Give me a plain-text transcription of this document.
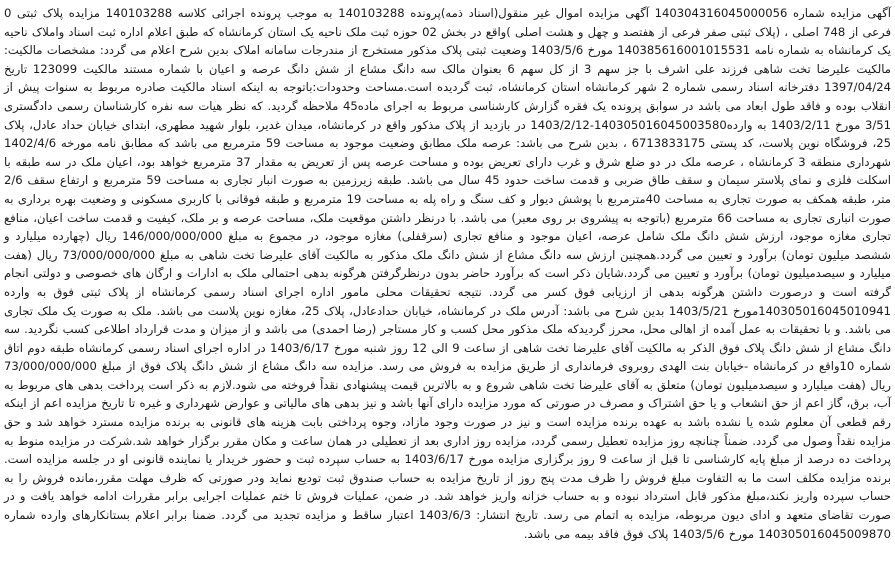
آگهی مزایده شماره 140304316045000056 آگهی مزایده اموال غیر منقول(اسناد ذمه)پرونده 140103288 به موجب پرونده اجرائی کلاسه 140103288 مزایده پلاک ثبتی 0 فرعی از 748 اصلی ، (پلاک ثبتی صفر فرعی از هفتصد و چهل و هشت اصلی )واقع در بخش 02 حوزه ثبت ملک ناحیه یک استان کرمانشاه که طبق اعلام اداره ثبت اسناد واملاک ناحیه یک کرمانشاه به شماره نامه 140385616001015531 مورخ 1403/5/6 وضعیت ثبتی پلاک مذکور مستخرج از مندرجات سامانه املاک بدین شرح اعلام می گردد: مشخصات مالکیت: مالکیت علیرضا تخت شاهی فرزند علی اشرف با جز سهم 3 از کل سهم 6 بعنوان مالک سه دانگ مشاع از شش دانگ عرصه و اعیان با شماره مستند مالکیت 123099 تاریخ 1397/04/24 دفترخانه اسناد رسمی شماره 2 شهر کرمانشاه استان کرمانشاه، ثبت گردیده است.مساحت وحدودات:باتوجه به اینکه اسناد مالکیت صادره مربوط به سنوات پیش از انقلاب بوده و فاقد طول ابعاد می باشد در سوابق پرونده یک فقره گزارش کارشناسی مربوط به اجرای ماده45 ملاحظه گردید. که نظر هیات سه نفره کارشناسان رسمی دادگستری 3/51 مورخ 1403/2/11 به وارده140305016045003580-1403/2/12 در بازدید از پلاک مذکور واقع در کرمانشاه، میدان غدیر، بلوار شهید مطهری، ابتدای خیابان حداد عادل، پلاک 25، فروشگاه نوین پلاست، کد پستی 6713833175 ، بدین شرح می باشد: عرصه ملک مطابق وضعیت موجود به مساحت 59 مترمربع می باشد که مطابق نامه مورخه 1402/4/6 شهرداری منطقه 3 کرمانشاه ، عرصه ملک در دو ضلع شرق و غرب دارای تعریض بوده و مساحت عرصه پس از تعریض به مقدار 37 مترمربع خواهد بود، اعیان ملک در سه طبقه با اسکلت فلزی و نمای پلاستر سیمان و سقف طاق ضربی و قدمت ساخت حدود 45 سال می باشد. طبقه زیرزمین به صورت انبار تجاری به مساحت 59 مترمربع و ارتفاع سقف 2/6 متر، طبقه همکف به صورت تجاری به مساحت 40مترمربع با پوشش دیوار و کف سنگ و راه پله به مساحت 19 مترمربع و طبقه فوقانی با کاربری مسکونی و وضعیت بهره برداری به صورت انباری تجاری به مساحت 66 مترمربع (باتوجه به پیشروی بر روی معبر) می باشد. با درنظر داشتن موقعیت ملک، مساحت عرصه و بر ملک، کیفیت و قدمت ساخت اعیان، منافع تجاری مغازه موجود، ارزش شش دانگ ملک شامل عرصه، اعیان موجود و منافع تجاری (سرقفلی) مغازه موجود، در مجموع به مبلغ 146/000/000/000 ریال (چهارده میلیارد و ششصد میلیون تومان) برآورد و تعیین می گردد.همچنین ارزش سه دانگ مشاع از شش دانگ ملک مذکور به مالکیت آقای علیرضا تخت شاهی به مبلغ 73/000/000/000 ریال (هفت میلیارد و سیصدمیلیون تومان) برآورد و تعیین می گردد.شایان ذکر است که برآورد حاضر بدون درنظرگرفتن هرگونه بدهی احتمالی ملک به ادارات و ارگان های خصوصی و دولتی انجام گرفته است و درصورت داشتن هرگونه بدهی از ارزیابی فوق کسر می گردد. نتیجه تحقیقات محلی مامور اداره اجرای اسناد رسمی کرمانشاه از پلاک ثبتی فوق به وارده 140305016045010941مورخ 1403/5/21 بدین شرح می باشد: آدرس ملک در کرمانشاه، خیابان حدادعادل، پلاک 25، مغازه نوین پلاست می باشد. ملک به صورت یک ملک تجاری می باشد. و با تحقیقات به عمل آمده از اهالی محل، محرز گردیدکه ملک مذکور محل کسب و کار مستاجر (رضا احمدی) می باشد و از میزان و مدت قرارداد اطلاعی کسب نگردید. سه دانگ مشاع از شش دانگ پلاک فوق الذکر به مالکیت آقای علیرضا تخت شاهی از ساعت 9 الی 12 روز شنبه مورخ 1403/6/17 در اداره اجرای اسناد رسمی کرمانشاه طبقه دوم اتاق شماره 10واقع در کرمانشاه -خیابان بنت الهدی روبروی فرمانداری از طریق مزایده به فروش می رسد. مزایده سه دانگ مشاع از شش دانگ پلاک فوق از مبلغ 73/000/000/000 ریال (هفت میلیارد و سیصدمیلیون تومان) متعلق به آقای علیرضا تخت شاهی شروع و به بالاترین قیمت پیشنهادی نقداً فروخته می شود.لازم به ذکر است پرداخت بدهی های مربوط به آب، برق، گاز اعم از حق انشعاب و یا حق اشتراک و مصرف در صورتی که مورد مزایده دارای آنها باشد و نیز بدهی های مالیاتی و عوارض شهرداری و غیره تا تاریخ مزایده اعم از اینکه رقم قطعی آن معلوم شده یا نشده باشد به عهده برنده مزایده است و نیز در صورت وجود مازاد، وجوه پرداختی بابت هزینه های قانونی به برنده مزایده مسترد خواهد شد و حق مزایده نقداً وصول می گردد. ضمناً چنانچه روز مزایده تعطیل رسمی گردد، مزایده روز اداری بعد از تعطیلی در همان ساعت و مکان مقرر برگزار خواهد شد.شرکت در مزایده منوط به پرداخت ده درصد از مبلغ پایه کارشناسی تا قبل از ساعت 9 روز برگزاری مزایده مورخ 1403/6/17 به حساب سپرده ثبت و حضور خریدار یا نماینده قانونی او در جلسه مزایده است. برنده مزایده مکلف است ما به التفاوت مبلغ فروش را ظرف مدت پنج روز از تاریخ مزایده به حساب صندوق ثبت تودیع نماید ودر صورتی که ظرف مهلت مقرر،مانده فروش را به حساب سپرده واریز نکند،مبلغ مذکور قابل استرداد نبوده و به حساب خزانه واریز خواهد شد. در ضمن، عملیات فروش تا ختم عملیات اجرایی برابر مقررات ادامه خواهد یافت و در صورت تقاضای متعهد و ادای دیون مربوطه، مزایده به اتمام می رسد. تاریخ انتشار: 1403/6/3 اعتبار ساقط و مزایده تجدید می گردد. ضمنا برابر اعلام بستانکارهای وارده شماره 140305016045009870 مورخ 1403/5/6 پلاک فوق فاقد بیمه می باشد.
